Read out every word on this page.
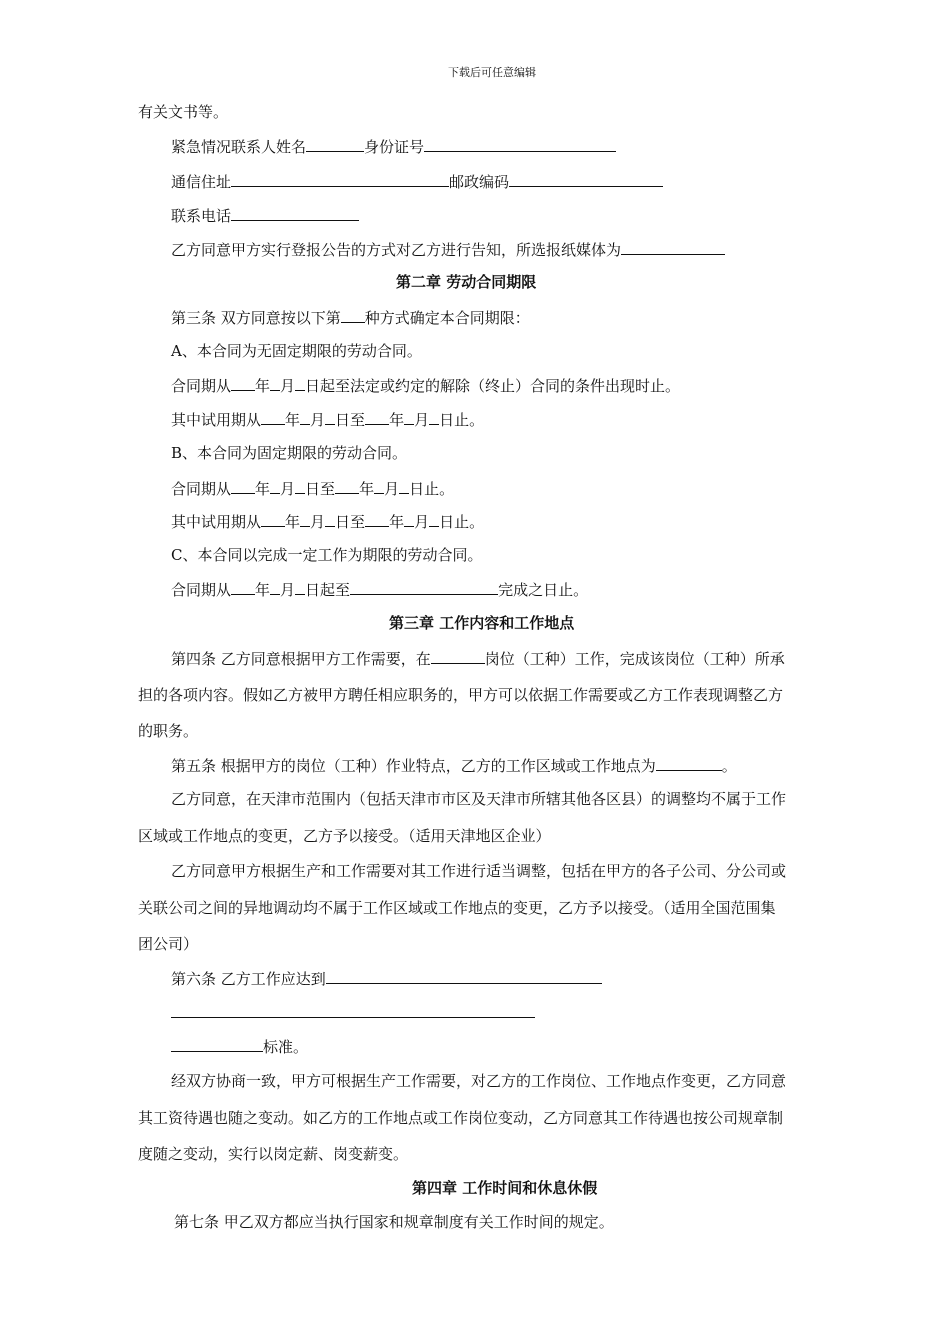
下载后可任意编辑
有关文书等。
紧急情况联系人姓名	身份证号
通信住址	邮政编码
联系电话
乙方同意甲方实行登报公告的方式对乙方进行告知，所选报纸媒体为
第二章 劳动合同期限
第三条 双方同意按以下第 种方式确定本合同期限：
A、本合同为无固定期限的劳动合同。
合同期从 年 月 日起至法定或约定的解除（终止）合同的条件出现时止。
其中试用期从 年 月 日至 年 月 日止。
B、本合同为固定期限的劳动合同。
合同期从 年 月 日至 年 月 日止。
其中试用期从 年 月 日至 年 月 日止。
C、本合同以完成一定工作为期限的劳动合同。
合同期从 年 月 日起至	完成之日止。
第三章 工作内容和工作地点
第四条 乙方同意根据甲方工作需要，在	岗位（工种）工作，完成该岗位（工种）所承
担的各项内容。假如乙方被甲方聘任相应职务的，甲方可以依据工作需要或乙方工作表现调整乙方
的职务。
第五条 根据甲方的岗位（工种）作业特点，乙方的工作区域或工作地点为	。
乙方同意，在天津市范围内（包括天津市市区及天津市所辖其他各区县）的调整均不属于工作
区域或工作地点的变更，乙方予以接受。（适用天津地区企业）
乙方同意甲方根据生产和工作需要对其工作进行适当调整，包括在甲方的各子公司、分公司或
关联公司之间的异地调动均不属于工作区域或工作地点的变更，乙方予以接受。（适用全国范围集
团公司）
第六条 乙方工作应达到
标准。
经双方协商一致，甲方可根据生产工作需要，对乙方的工作岗位、工作地点作变更，乙方同意
其工资待遇也随之变动。如乙方的工作地点或工作岗位变动，乙方同意其工作待遇也按公司规章制
度随之变动，实行以岗定薪、岗变薪变。
第四章 工作时间和休息休假
第七条 甲乙双方都应当执行国家和规章制度有关工作时间的规定。
